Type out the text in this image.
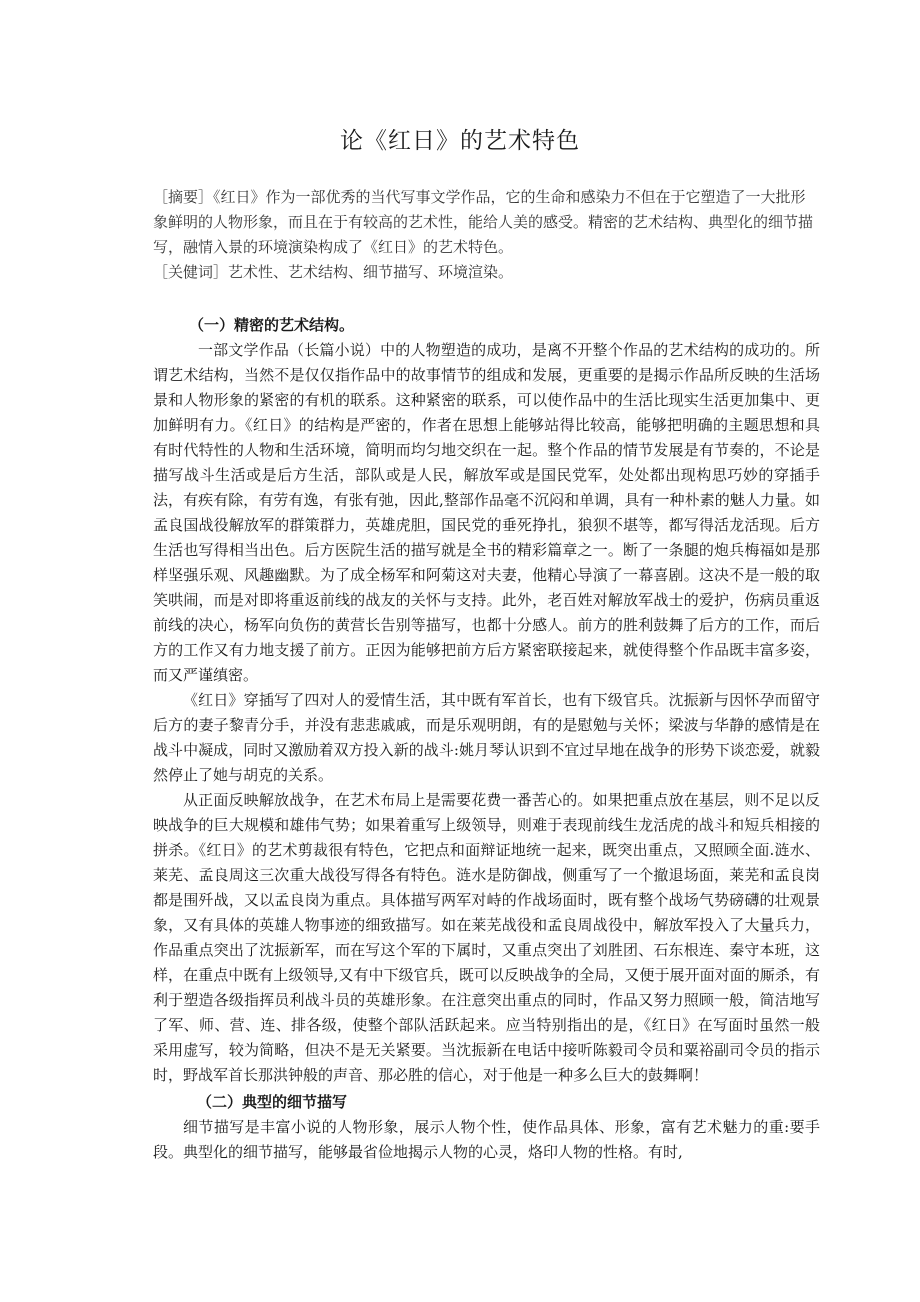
论《红日》的艺术特色

［摘要］《红日》作为一部优秀的当代写事文学作品，它的生命和感染力不但在于它塑造了一大批形象鲜明的人物形象，而且在于有较高的艺术性，能给人美的感受。精密的艺术结构、典型化的细节描写，融情入景的环境演染构成了《红日》的艺术特色。

［关健词］艺术性、艺术结构、细节描写、环境渲染。

（一）精密的艺术结构。

一部文学作品（长篇小说）中的人物塑造的成功，是离不开整个作品的艺术结构的成功的。所谓艺术结构，当然不是仅仅指作品中的故事情节的组成和发展，更重要的是揭示作品所反映的生活场景和人物形象的紧密的有机的联系。这种紧密的联系，可以使作品中的生活比现实生活更加集中、更加鲜明有力。《红日》的结构是严密的，作者在思想上能够站得比较高，能够把明确的主题思想和具有时代特性的人物和生活环境，简明而均匀地交织在一起。整个作品的情节发展是有节奏的，不论是描写战斗生活或是后方生活，部队或是人民，解放军或是国民党军，处处都出现构思巧妙的穿插手法，有疾有除，有劳有逸，有张有弛，因此,整部作品毫不沉闷和单调，具有一种朴素的魅人力量。如孟良国战役解放军的群策群力，英雄虎胆，国民党的垂死挣扎，狼狈不堪等，都写得活龙活现。后方生活也写得相当出色。后方医院生活的描写就是全书的精彩篇章之一。断了一条腿的炮兵梅福如是那样坚强乐观、风趣幽默。为了成全杨军和阿菊这对夫妻，他精心导演了一幕喜剧。这决不是一般的取笑哄闹，而是对即将重返前线的战友的关怀与支持。此外，老百姓对解放军战士的爱护，伤病员重返前线的决心，杨军向负伤的黄营长告别等描写，也都十分感人。前方的胜利鼓舞了后方的工作，而后方的工作又有力地支援了前方。正因为能够把前方后方紧密联接起来，就使得整个作品既丰富多姿，而又严谨缜密。

《红日》穿插写了四对人的爱情生活，其中既有军首长，也有下级官兵。沈振新与因怀孕而留守后方的妻子黎青分手，并没有悲悲戚戚，而是乐观明朗，有的是慰勉与关怀；梁波与华静的感情是在战斗中凝成，同时又激励着双方投入新的战斗:姚月琴认识到不宜过早地在战争的形势下谈恋爱，就毅然停止了她与胡克的关系。

从正面反映解放战争，在艺术布局上是需要花费一番苦心的。如果把重点放在基层，则不足以反映战争的巨大规模和雄伟气势；如果着重写上级领导，则难于表现前线生龙活虎的战斗和短兵相接的拼杀。《红日》的艺术剪裁很有特色，它把点和面辩证地统一起来，既突出重点，又照顾全面.涟水、莱芜、孟良周这三次重大战役写得各有特色。涟水是防御战，侧重写了一个撤退场面，莱芜和孟良岗都是围歼战，又以孟良岗为重点。具体描写两军对峙的作战场面时，既有整个战场气势磅礴的壮观景象，又有具体的英雄人物事迹的细致描写。如在莱芜战役和孟良周战役中，解放军投入了大量兵力，作品重点突出了沈振新军，而在写这个军的下属时，又重点突出了刘胜团、石东根连、秦守本班，这样，在重点中既有上级领导,又有中下级官兵，既可以反映战争的全局，又便于展开面对面的厮杀，有利于塑造各级指挥员利战斗员的英雄形象。在注意突出重点的同时，作品又努力照顾一般，简洁地写了军、师、营、连、排各级，使整个部队活跃起来。应当特别指出的是，《红日》在写面时虽然一般采用虚写，较为简略，但决不是无关紧要。当沈振新在电话中接听陈毅司令员和粟裕副司令员的指示时，野战军首长那洪钟般的声音、那必胜的信心，对于他是一种多么巨大的鼓舞啊！

（二）典型的细节描写

细节描写是丰富小说的人物形象，展示人物个性，使作品具体、形象，富有艺术魅力的重:要手段。典型化的细节描写，能够最省俭地揭示人物的心灵，烙印人物的性格。有时,
